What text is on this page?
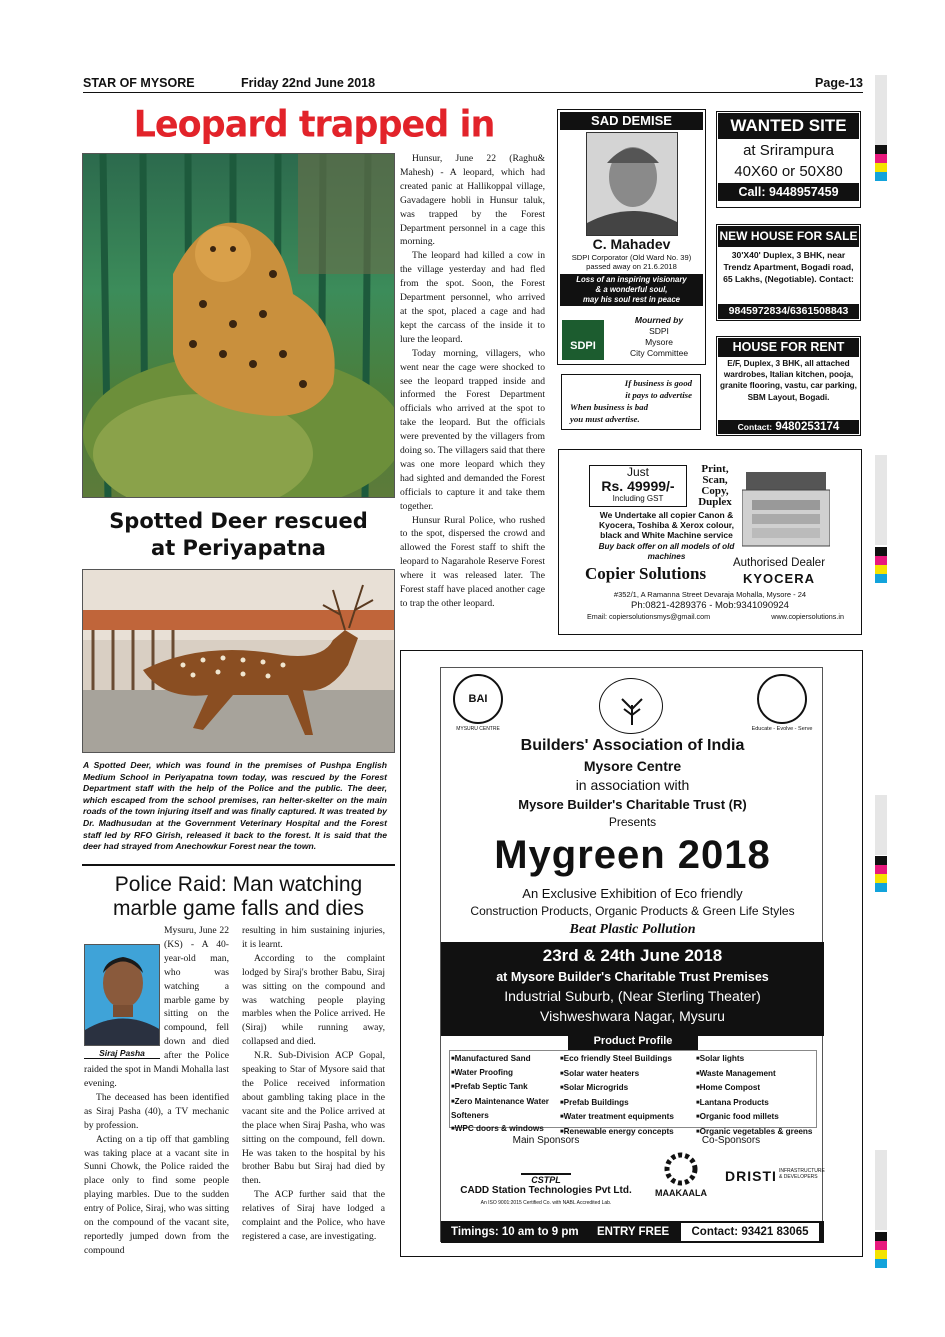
STAR OF MYSORE	Friday 22nd June 2018	Page-13
Leopard trapped in

Hunsur, June 22 (Raghu& Mahesh) - A leopard, which had created panic at Hallikoppal village, Gavadagere hobli in Hunsur taluk, was trapped by the Forest Department personnel in a cage this morning.

The leopard had killed a cow in the village yesterday and had fled from the spot. Soon, the Forest Department personnel, who arrived at the spot, placed a cage and had kept the carcass of the inside it to lure the leopard.

Today morning, villagers, who went near the cage were shocked to see the leopard trapped inside and informed the Forest Department officials who arrived at the spot to take the leopard. But the officials were prevented by the villagers from doing so. The villagers said that there was one more leopard which they had sighted and demanded the Forest officials to capture it and take them together.

Hunsur Rural Police, who rushed to the spot, dispersed the crowd and allowed the Forest staff to shift the leopard to Nagarahole Reserve Forest where it was released later. The Forest staff have placed another cage to trap the other leopard.

Spotted Deer rescued
at Periyapatna
A Spotted Deer, which was found in the premises of Pushpa English Medium School in Periyapatna town today, was rescued by the Forest Department staff with the help of the Police and the public. The deer, which escaped from the school premises, ran helter-skelter on the main roads of the town injuring itself and was finally captured. It was treated by Dr. Madhusudan at the Government Veterinary Hospital and the Forest staff led by RFO Girish, released it back to the forest. It is said that the deer had strayed from Anechowkur Forest near the town.
Police Raid: Man watching
marble game falls and dies
Siraj Pasha

Mysuru, June 22 (KS) - A 40-year-old man, who was watching a marble game by sitting on the compound, fell down and died after the Police raided the spot in Mandi Mohalla last evening.

The deceased has been identified as Siraj Pasha (40), a TV mechanic by profession.

Acting on a tip off that gambling was taking place at a vacant site in Sunni Chowk, the Police raided the place only to find some people playing marbles. Due to the sudden entry of Police, Siraj, who was sitting on the compound of the vacant site, reportedly jumped down from the compound

resulting in him sustaining injuries, it is learnt.

According to the complaint lodged by Siraj's brother Babu, Siraj was sitting on the compound and was watching people playing marbles when the Police arrived. He (Siraj) while running away, collapsed and died.

N.R. Sub-Division ACP Gopal, speaking to Star of Mysore said that the Police received information about gambling taking place in the vacant site and the Police arrived at the place when Siraj Pasha, who was sitting on the compound, fell down. He was taken to the hospital by his brother Babu but Siraj had died by then.

The ACP further said that the relatives of Siraj have lodged a complaint and the Police, who have registered a case, are investigating.

SAD DEMISE
C. Mahadev
SDPI Corporator (Old Ward No. 39)
passed away on 21.6.2018
Loss of an inspiring visionary
& a wonderful soul,
may his soul rest in peace
SDPI
Mourned by
SDPI
Mysore
City Committee
If business is good
it pays to advertise
When business is bad
you must advertise.
WANTED SITE
at Srirampura
40X60 or 50X80
Call: 9448957459
NEW HOUSE FOR SALE
30'X40' Duplex, 3 BHK, near Trendz Apartment, Bogadi road, 65 Lakhs, (Negotiable). Contact:
9845972834/6361508843
HOUSE FOR RENT
E/F, Duplex, 3 BHK, all attached wardrobes, Italian kitchen, pooja, granite flooring, vastu, car parking, SBM Layout, Bogadi.
Contact: 9480253174
Just
Rs. 49999/-
Including GST
Print,
Scan,
Copy,
Duplex
We Undertake all copier Canon & Kyocera, Toshiba & Xerox colour, black and White Machine service
Buy back offer on all models of old machines
Copier Solutions
Authorised Dealer
KYOCERA
#352/1, A Ramanna Street Devaraja Mohalla, Mysore - 24
Ph:0821-4289376 - Mob:9341090924
Email: copiersolutionsmys@gmail.com	www.copiersolutions.in
BAI
MYSURU CENTRE	Educate - Evolve - Serve
Builders' Association of India
Mysore Centre
in association with
Mysore Builder's Charitable Trust (R)
Presents
Mygreen 2018
An Exclusive Exhibition of Eco friendly
Construction Products, Organic Products & Green Life Styles
Beat Plastic Pollution
23rd & 24th June 2018
at Mysore Builder's Charitable Trust Premises
Industrial Suburb, (Near Sterling Theater)
Vishweshwara Nagar, Mysuru
Product Profile
■ Manufactured Sand
■ Water Proofing
■ Prefab Septic Tank
■ Zero Maintenance Water Softeners
■ WPC doors & windows
■ Eco friendly Steel Buildings
■ Solar water heaters
■ Solar Microgrids
■ Prefab Buildings
■ Water treatment equipments
■ Renewable energy concepts
■ Solar lights
■ Waste Management
■ Home Compost
■ Lantana Products
■ Organic food millets
■ Organic vegetables & greens
Main Sponsors	Co-Sponsors
CSTPL
CADD Station Technologies Pvt Ltd.
An ISO 9001:2015 Certified Co. with NABL Accredited Lab.
MAAKAALA
DRISTI INFRASTRUCTURE & DEVELOPERS
Timings: 10 am to 9 pm ENTRY FREE	Contact: 93421 83065
